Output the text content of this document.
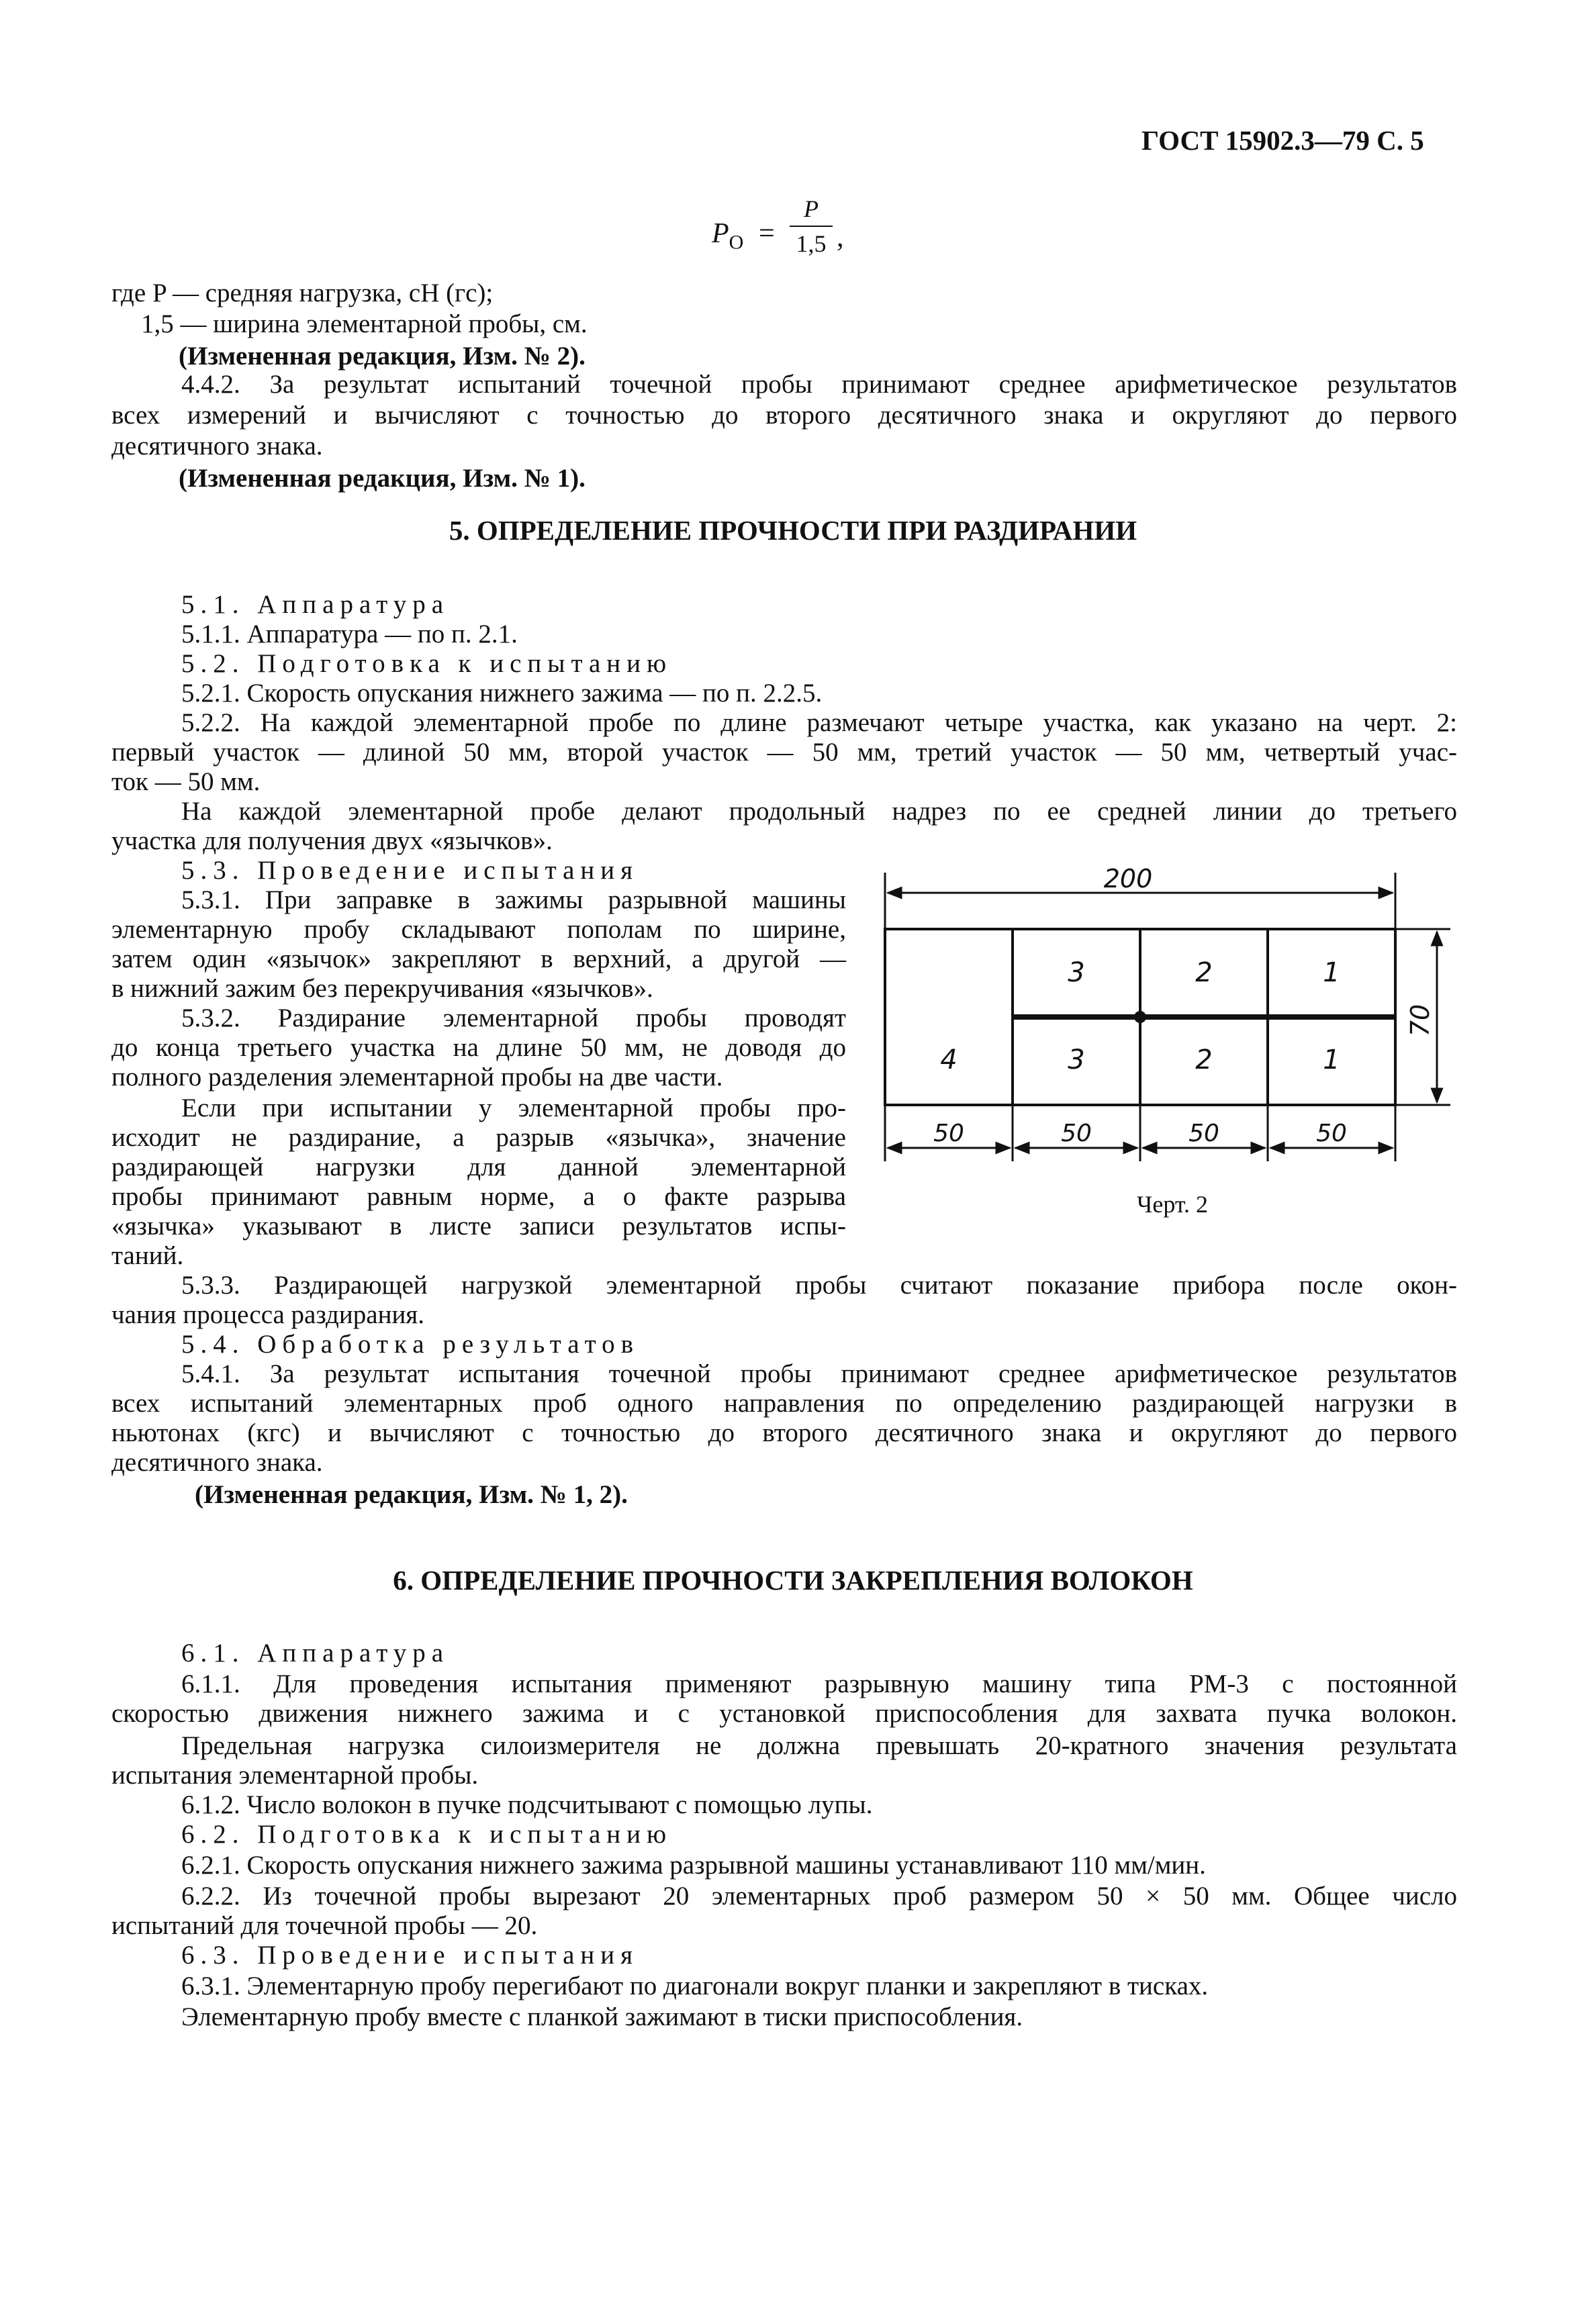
ГОСТ 15902.3—79 С. 5
$P_О$ =
P
1,5 ,
где P — средняя нагрузка, сН (гс);
1,5 — ширина элементарной пробы, см.
(Измененная редакция, Изм. № 2).
4.4.2. За результат испытаний точечной пробы принимают среднее арифметическое результатов
всех измерений и вычисляют с точностью до второго десятичного знака и округляют до первого
десятичного знака.
(Измененная редакция, Изм. № 1).
5. ОПРЕДЕЛЕНИЕ ПРОЧНОСТИ ПРИ РАЗДИРАНИИ
5.1. Аппаратура
5.1.1. Аппаратура — по п. 2.1.
5.2. Подготовка к испытанию
5.2.1. Скорость опускания нижнего зажима — по п. 2.2.5.
5.2.2. На каждой элементарной пробе по длине размечают четыре участка, как указано на черт. 2:
первый участок — длиной 50 мм, второй участок — 50 мм, третий участок — 50 мм, четвертый учас-
ток — 50 мм.
На каждой элементарной пробе делают продольный надрез по ее средней линии до третьего
участка для получения двух «язычков».
5.3. Проведение испытания
5.3.1. При заправке в зажимы разрывной машины
элементарную пробу складывают пополам по ширине,
затем один «язычок» закрепляют в верхний, а другой —
в нижний зажим без перекручивания «язычков».
5.3.2. Раздирание элементарной пробы проводят
до конца третьего участка на длине 50 мм, не доводя до
полного разделения элементарной пробы на две части.
Если при испытании у элементарной пробы про-
исходит не раздирание, а разрыв «язычка», значение
раздирающей нагрузки для данной элементарной
пробы принимают равным норме, а о факте разрыва
«язычка» указывают в листе записи результатов испы-
таний.
5.3.3. Раздирающей нагрузкой элементарной пробы считают показание прибора после окон-
чания процесса раздирания.
5.4. Обработка результатов
5.4.1. За результат испытания точечной пробы принимают среднее арифметическое результатов
всех испытаний элементарных проб одного направления по определению раздирающей нагрузки в
ньютонах (кгс) и вычисляют с точностью до второго десятичного знака и округляют до первого
десятичного знака.
(Измененная редакция, Изм. № 1, 2).
6. ОПРЕДЕЛЕНИЕ ПРОЧНОСТИ ЗАКРЕПЛЕНИЯ ВОЛОКОН
6.1. Аппаратура
6.1.1. Для проведения испытания применяют разрывную машину типа РМ-3 с постоянной
скоростью движения нижнего зажима и с установкой приспособления для захвата пучка волокон.
Предельная нагрузка силоизмерителя не должна превышать 20-кратного значения результата
испытания элементарной пробы.
6.1.2. Число волокон в пучке подсчитывают с помощью лупы.
6.2. Подготовка к испытанию
6.2.1. Скорость опускания нижнего зажима разрывной машины устанавливают 110 мм/мин.
6.2.2. Из точечной пробы вырезают 20 элементарных проб размером 50 × 50 мм. Общее число
испытаний для точечной пробы — 20.
6.3. Проведение испытания
6.3.1. Элементарную пробу перегибают по диагонали вокруг планки и закрепляют в тисках.
Элементарную пробу вместе с планкой зажимают в тиски приспособления.
200
3	2	1
4	3	2	1
70
50	50	50	50
Черт. 2
